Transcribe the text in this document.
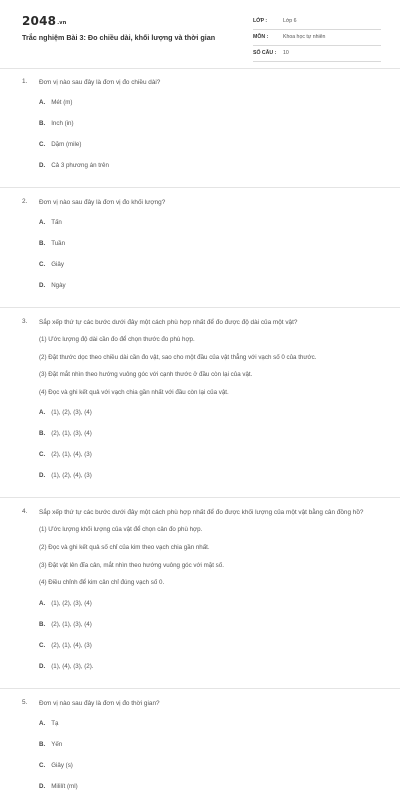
2048.vn
Trắc nghiệm Bài 3: Đo chiều dài, khối lượng và thời gian
LỚP :	Lớp 6
MÔN :	Khoa học tự nhiên
SỐ CÂU : 10
1. Đơn vị nào sau đây là đơn vị đo chiều dài?
A. Mét (m)
B. Inch (in)
C. Dặm (mile)
D. Cả 3 phương án trên
2. Đơn vị nào sau đây là đơn vị đo khối lượng?
A. Tấn
B. Tuần
C. Giây
D. Ngày
3. Sắp xếp thứ tự các bước dưới đây một cách phù hợp nhất để đo được độ dài của một vật?
(1) Ước lượng độ dài cần đo để chọn thước đo phù hợp.
(2) Đặt thước dọc theo chiều dài cần đo vật, sao cho một đầu của vật thẳng với vạch số 0 của thước.
(3) Đặt mắt nhìn theo hướng vuông góc với cạnh thước ở đầu còn lại của vật.
(4) Đọc và ghi kết quả với vạch chia gần nhất với đầu còn lại của vật.
A. (1), (2), (3), (4)
B. (2), (1), (3), (4)
C. (2), (1), (4), (3)
D. (1), (2), (4), (3)
4. Sắp xếp thứ tự các bước dưới đây một cách phù hợp nhất để đo được khối lượng của một vật bằng cân đồng hồ?
(1) Ước lượng khối lượng của vật để chọn cân đo phù hợp.
(2) Đọc và ghi kết quả số chỉ của kim theo vạch chia gần nhất.
(3) Đặt vật lên đĩa cân, mắt nhìn theo hướng vuông góc với mặt số.
(4) Điều chỉnh để kim cân chỉ đúng vạch số 0.
A. (1), (2), (3), (4)
B. (2), (1), (3), (4)
C. (2), (1), (4), (3)
D. (1), (4), (3), (2).
5. Đơn vị nào sau đây là đơn vị đo thời gian?
A. Tạ
B. Yến
C. Giây (s)
D. Mililít (ml)
